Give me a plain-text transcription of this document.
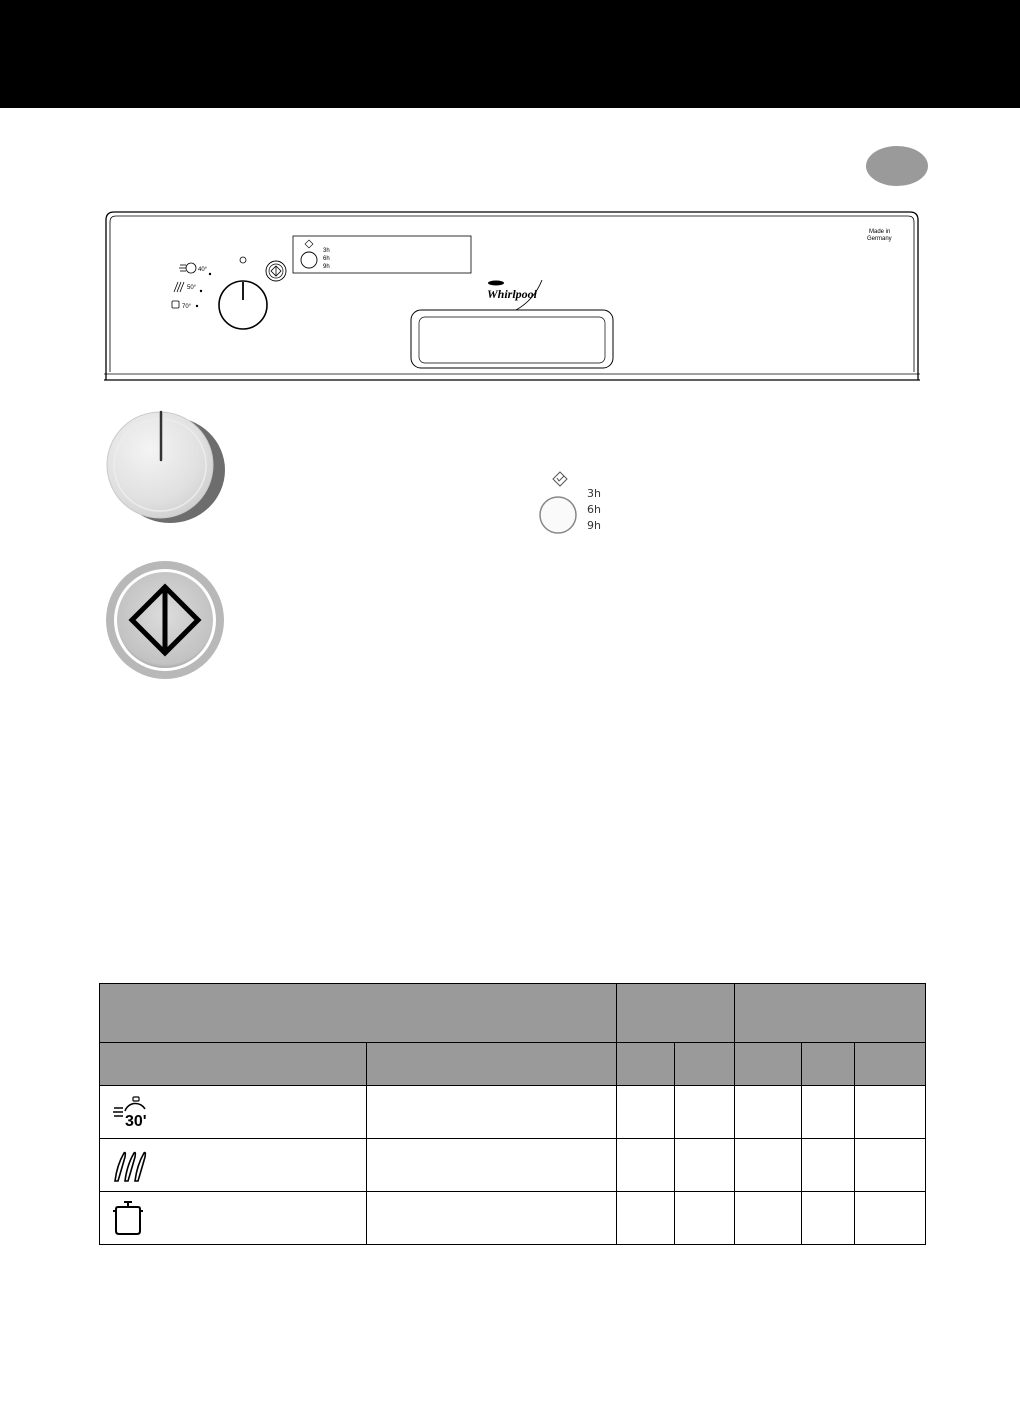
40°
50°
70°
3h
6h
9h
Whirlpool
Made in
Germany
3h
6h
9h

30'						
